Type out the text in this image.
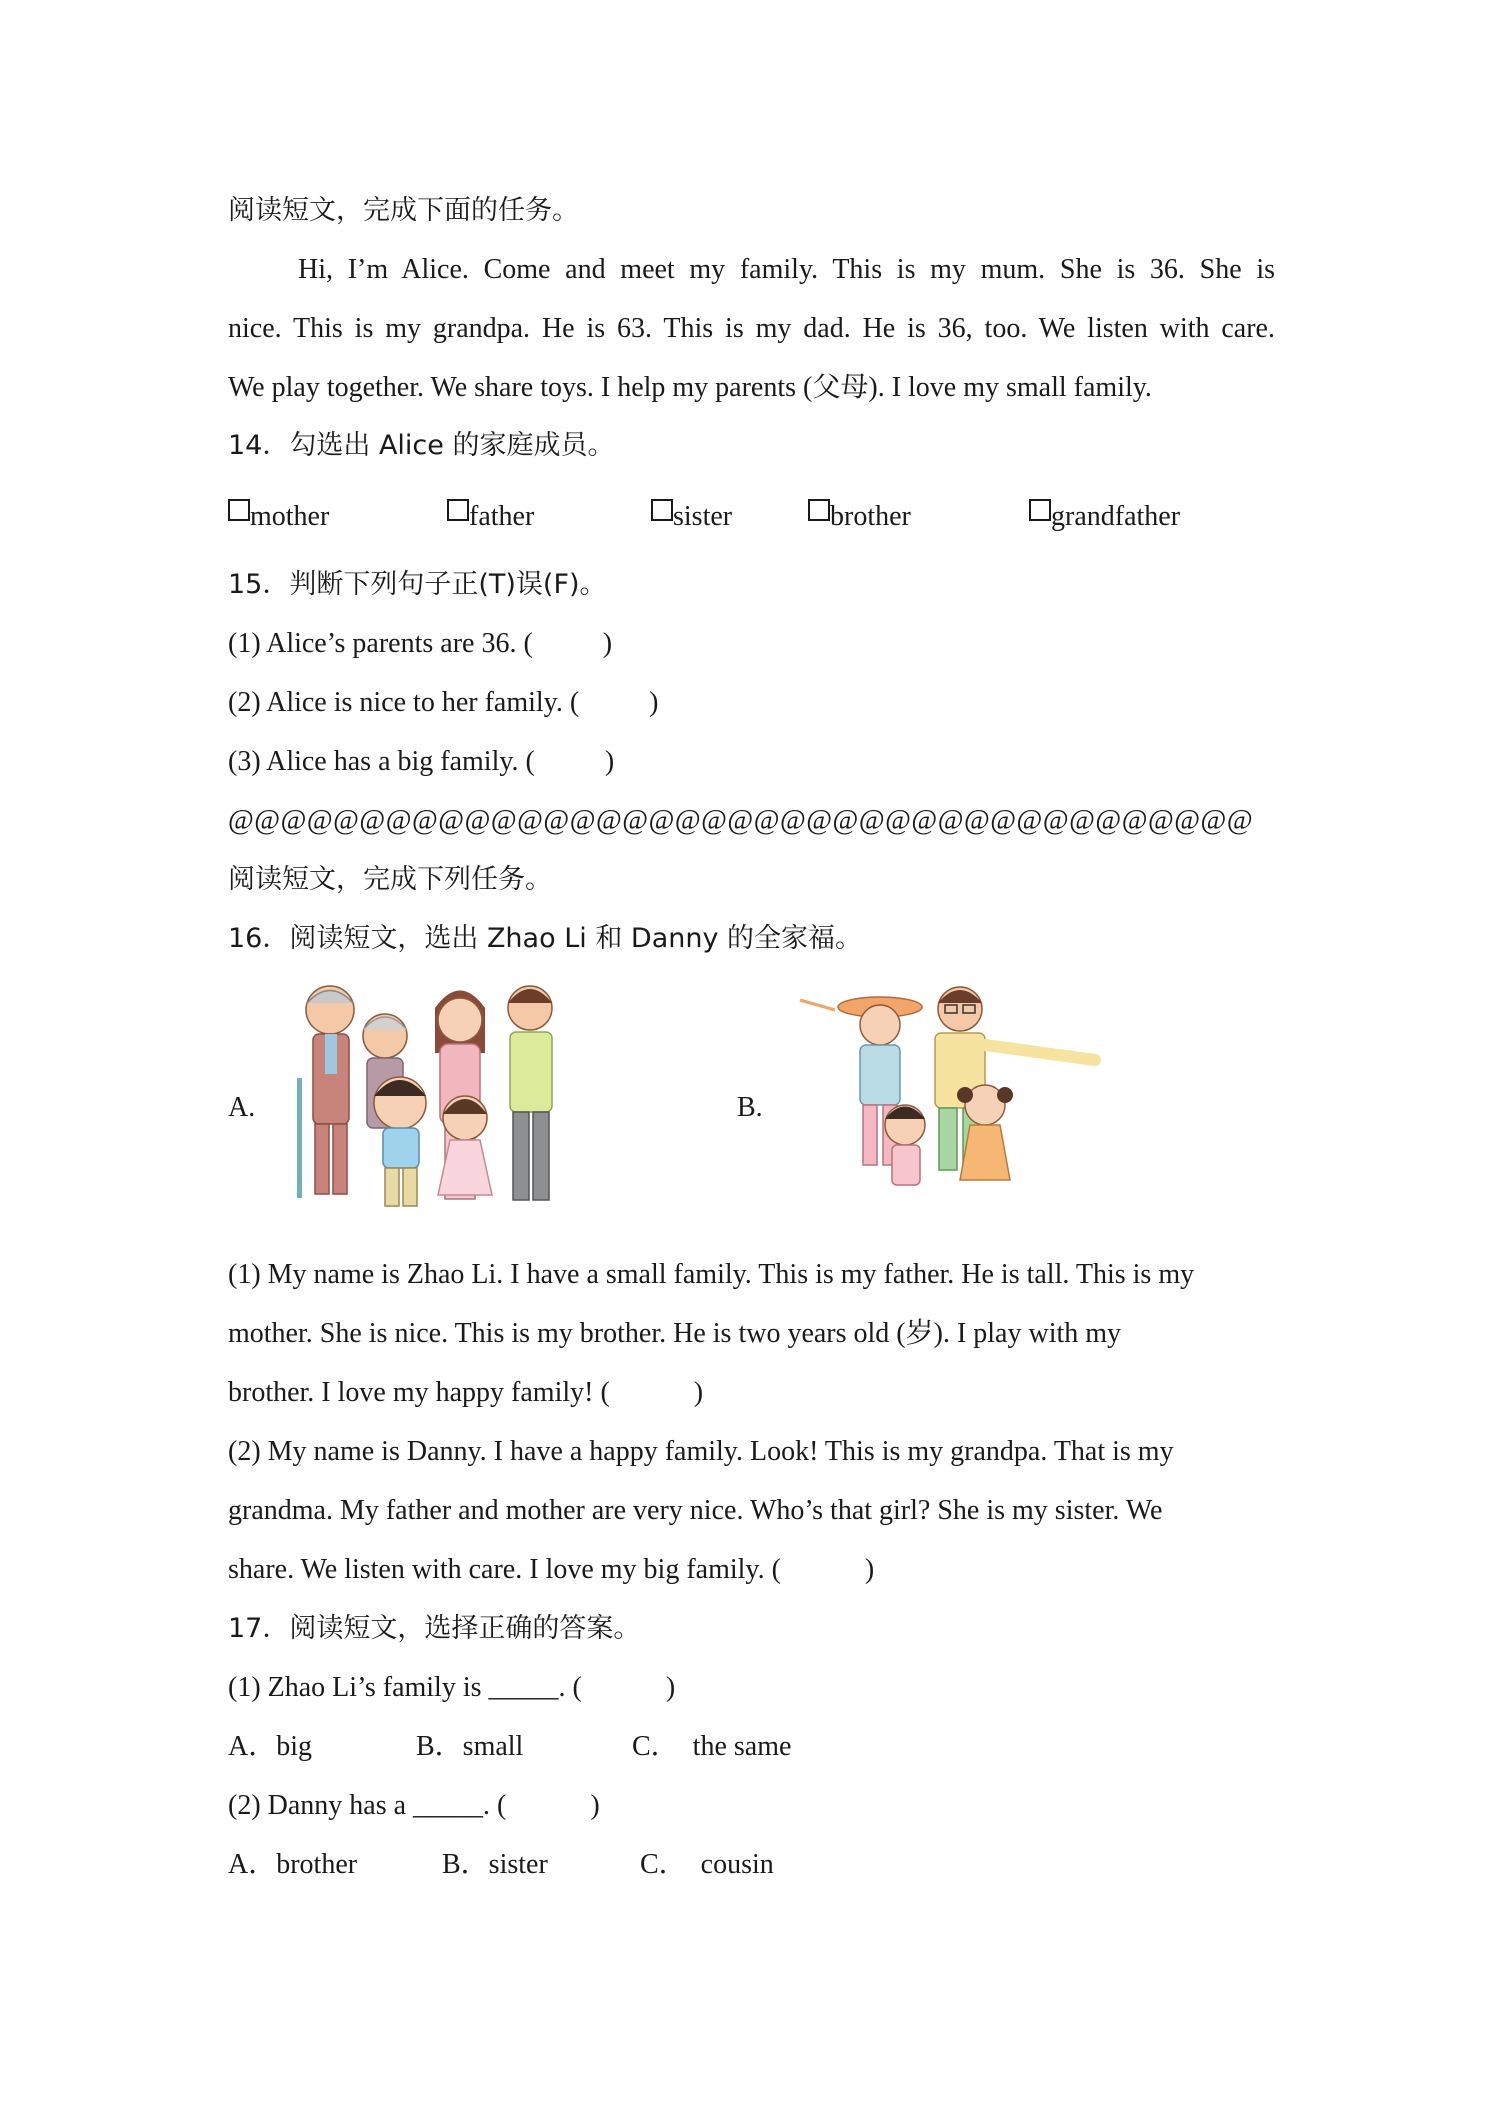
阅读短文，完成下面的任务。
Hi, I’m Alice. Come and meet my family. This is my mum. She is 36. She is
nice. This is my grandpa. He is 63. This is my dad. He is 36, too. We listen with care.
We play together. We share toys. I help my parents (父母). I love my small family.
14．勾选出 Alice 的家庭成员。
mother	father	sister	brother	grandfather
15．判断下列句子正(T)误(F)。
(1) Alice’s parents are 36. (          )
(2) Alice is nice to her family. (          )
(3) Alice has a big family. (          )
@@@@@@@@@@@@@@@@@@@@@@@@@@@@@@@@@@@@@@@
阅读短文，完成下列任务。
16．阅读短文，选出 Zhao Li 和 Danny 的全家福。
A.	B.
(1) My name is Zhao Li. I have a small family. This is my father. He is tall. This is my
mother. She is nice. This is my brother. He is two years old (岁). I play with my
brother. I love my happy family! (            )
(2) My name is Danny. I have a happy family. Look! This is my grandpa. That is my
grandma. My father and mother are very nice. Who’s that girl? She is my sister. We
share. We listen with care. I love my big family. (            )
17．阅读短文，选择正确的答案。
(1) Zhao Li’s family is _____. (            )
A．big	B．small	C．  the same
(2) Danny has a _____. (            )
A．brother	B．sister	C．  cousin
